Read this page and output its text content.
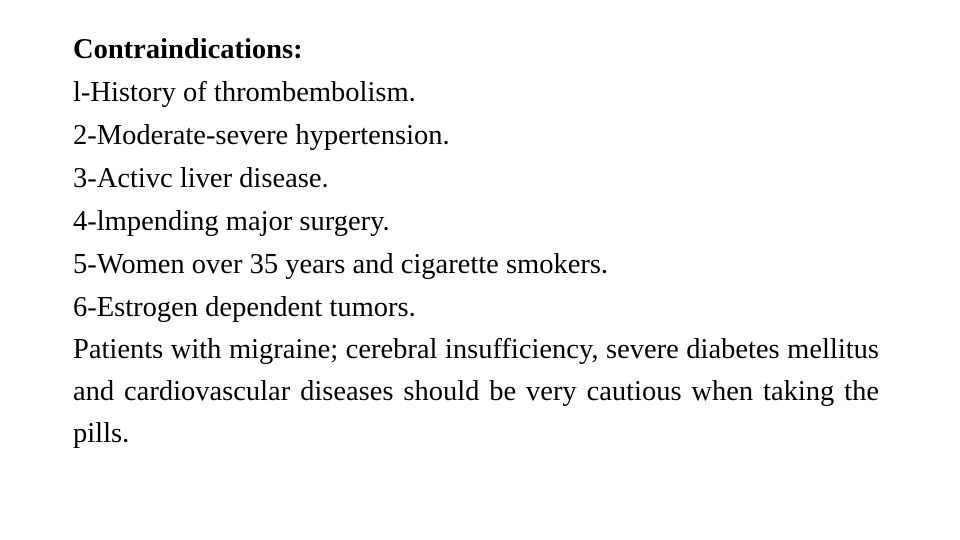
Contraindications:

l-History of thrombembolism.

2-Moderate-severe hypertension.

3-Activc liver disease.

4-lmpending major surgery.

5-Women over 35 years and cigarette smokers.

6-Estrogen dependent tumors.

Patients with migraine; cerebral insufficiency, severe diabetes mellitus and cardiovascular diseases should be very cautious when taking the pills.
